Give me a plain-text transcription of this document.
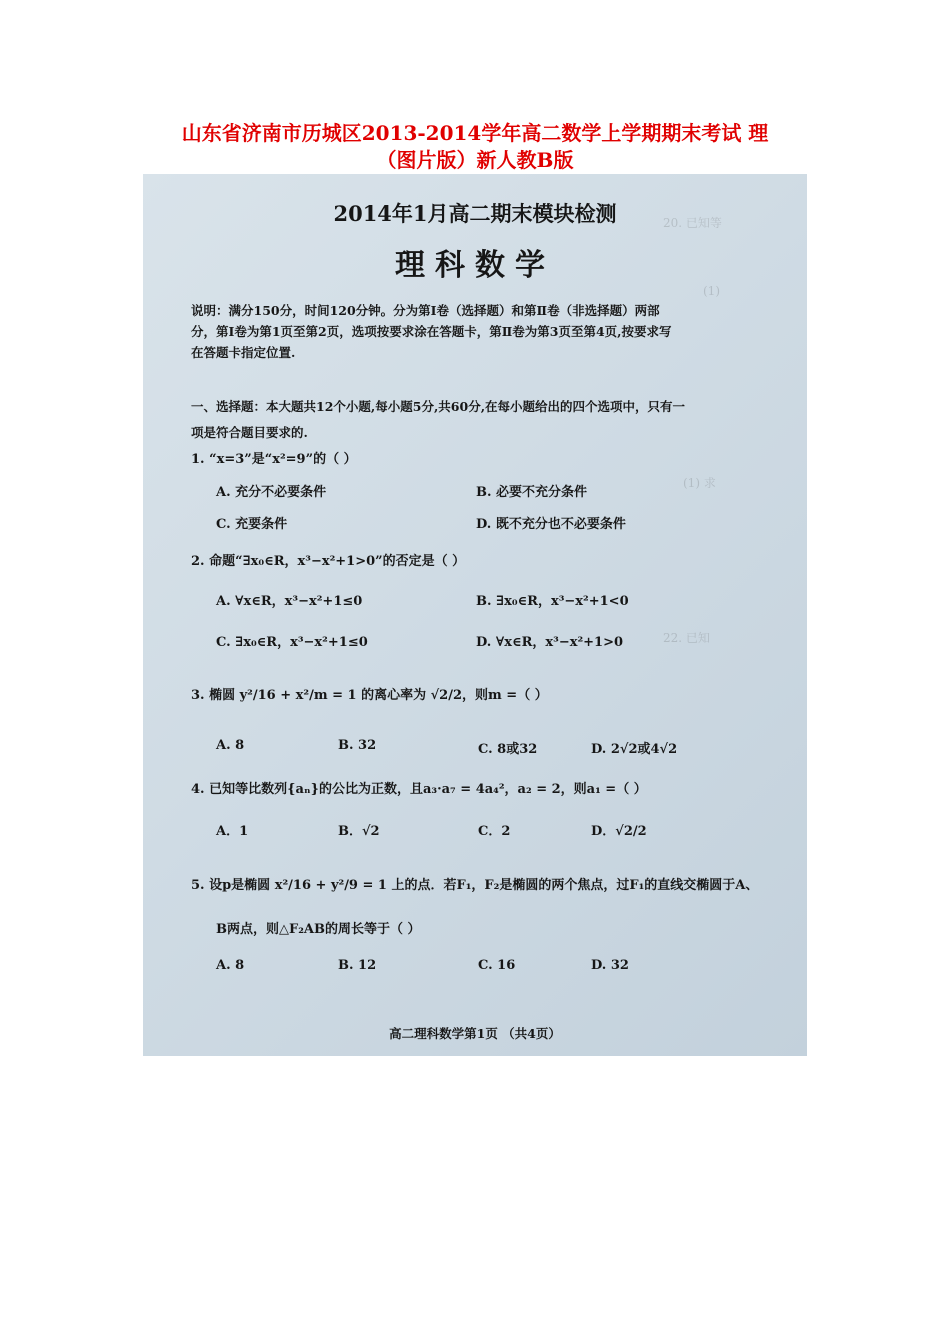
山东省济南市历城区2013-2014学年高二数学上学期期末考试 理
（图片版）新人教B版
20. 已知等
(1)
(1) 求
22. 已知
2014年1月高二期末模块检测
理科数学
说明：满分150分，时间120分钟。分为第Ⅰ卷（选择题）和第Ⅱ卷（非选择题）两部
分，第Ⅰ卷为第1页至第2页，选项按要求涂在答题卡，第Ⅱ卷为第3页至第4页,按要求写
在答题卡指定位置.
一、选择题：本大题共12个小题,每小题5分,共60分,在每小题给出的四个选项中，只有一
项是符合题目要求的.
1. “x=3”是“x²=9”的（ ）
A. 充分不必要条件	B. 必要不充分条件
C. 充要条件	D. 既不充分也不必要条件
2. 命题“∃x₀∈R，x³−x²+1>0”的否定是（ ）
A. ∀x∈R，x³−x²+1≤0	B. ∃x₀∈R，x³−x²+1<0
C. ∃x₀∈R，x³−x²+1≤0	D. ∀x∈R，x³−x²+1>0
3. 椭圆 y²/16 + x²/m = 1 的离心率为 √2/2，则m =（ ）
A. 8	B. 32	C. 8或32	D. 2√2或4√2
4. 已知等比数列{aₙ}的公比为正数，且a₃·a₇ = 4a₄²，a₂ = 2，则a₁ =（ ）
A．1	B．√2	C．2	D．√2/2
5. 设p是椭圆 x²/16 + y²/9 = 1 上的点．若F₁，F₂是椭圆的两个焦点，过F₁的直线交椭圆于A、
B两点，则△F₂AB的周长等于（ ）
A. 8	B. 12	C. 16	D. 32
高二理科数学第1页 （共4页）
